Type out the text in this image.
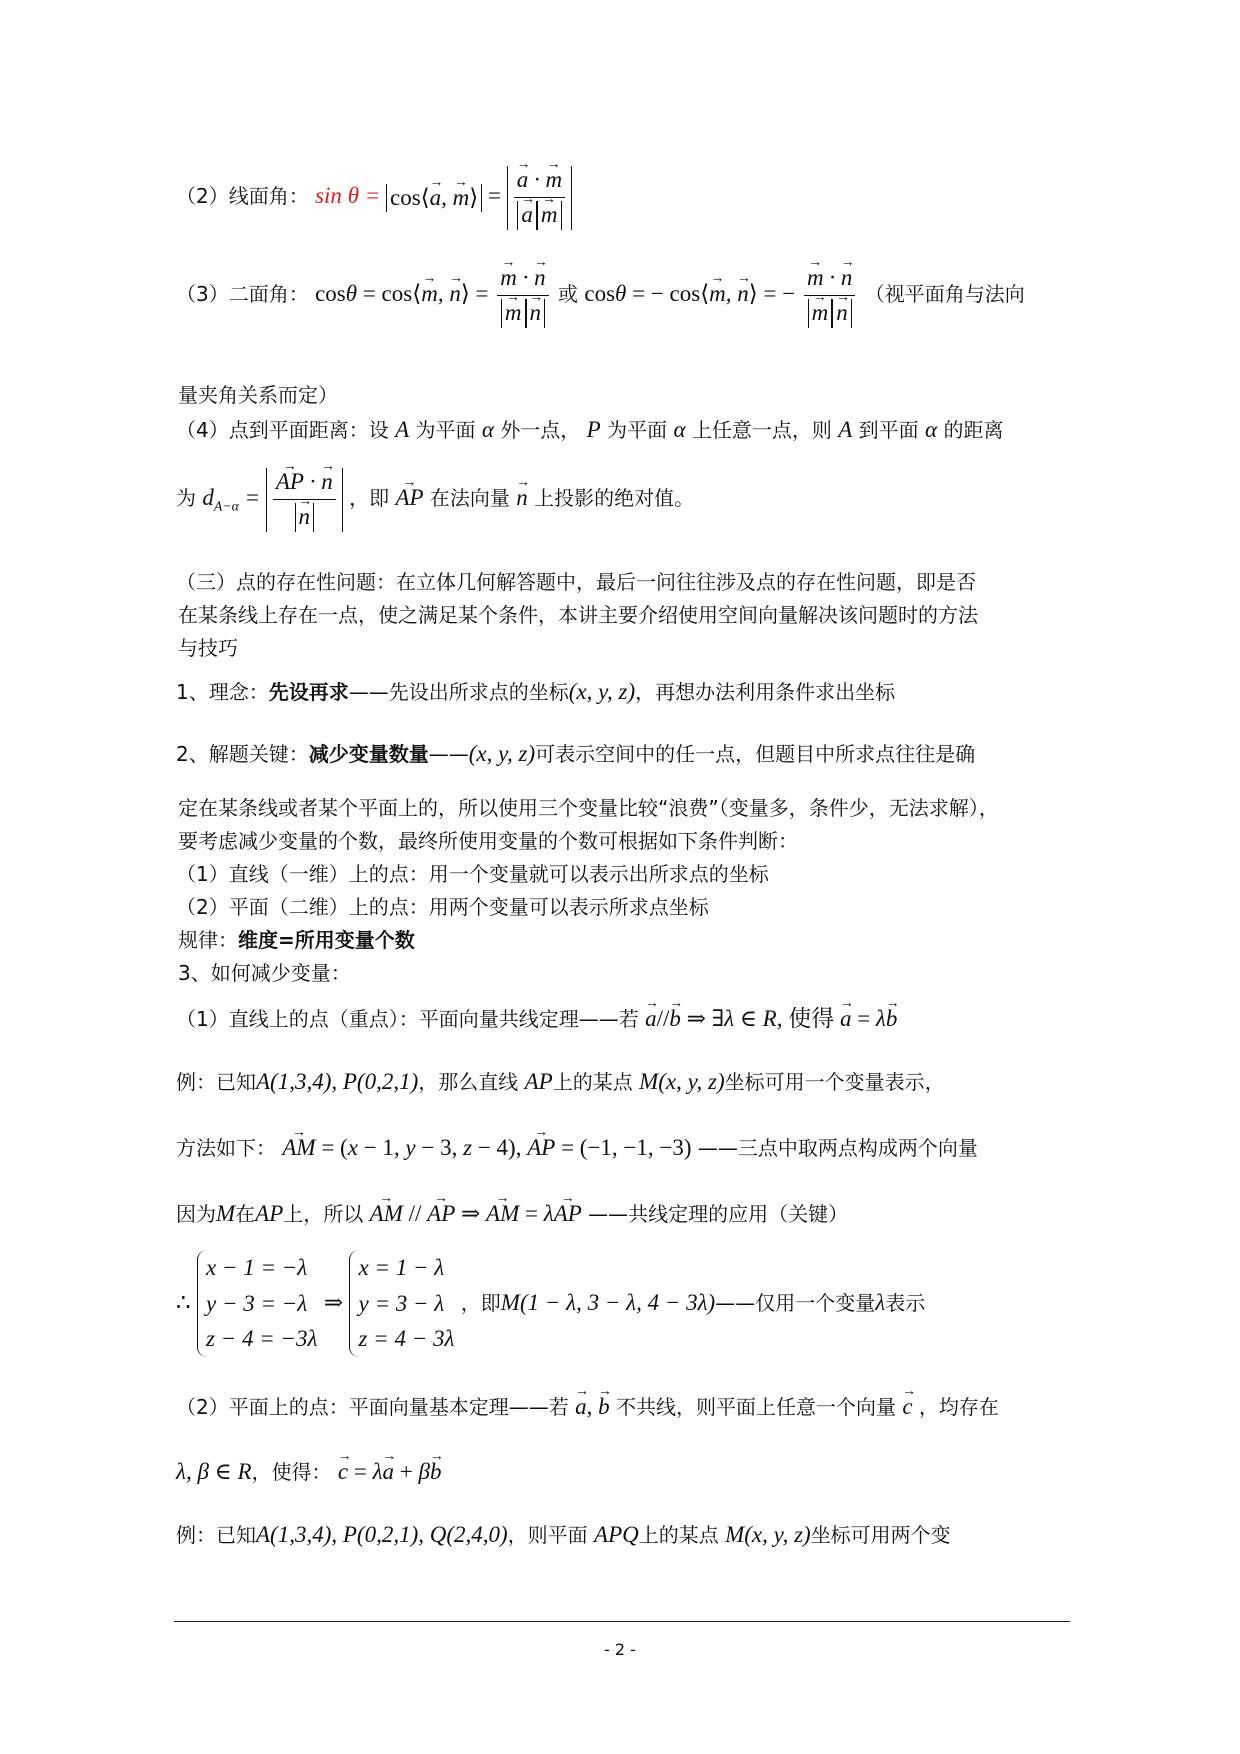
（2）线面角： sin θ = cos⟨→ a, → m⟩ = → a · → m
→ a → m
（3）二面角： cosθ = cos⟨→ m, → n⟩ = → m · → n
→ m → n 或 cosθ = − cos⟨→ m, → n⟩ = − → m · → n
→ m → n （视平面角与法向
量夹角关系而定）
（4）点到平面距离：设 A 为平面 α 外一点， P 为平面 α 上任意一点，则 A 到平面 α 的距离
为 $d_{A-\alpha}$ = → AP · → n
→ n ，即 → AP 在法向量 → n 上投影的绝对值。
（三）点的存在性问题：在立体几何解答题中，最后一问往往涉及点的存在性问题，即是否
在某条线上存在一点，使之满足某个条件，本讲主要介绍使用空间向量解决该问题时的方法
与技巧
1、理念：先设再求——先设出所求点的坐标(x, y, z)，再想办法利用条件求出坐标
2、解题关键：减少变量数量——(x, y, z)可表示空间中的任一点，但题目中所求点往往是确
定在某条线或者某个平面上的，所以使用三个变量比较“浪费”（变量多，条件少，无法求解），
要考虑减少变量的个数，最终所使用变量的个数可根据如下条件判断：
（1）直线（一维）上的点：用一个变量就可以表示出所求点的坐标
（2）平面（二维）上的点：用两个变量可以表示所求点坐标
规律：维度=所用变量个数
3、如何减少变量：
（1）直线上的点（重点）：平面向量共线定理——若 → a//→ b ⇒ ∃λ ∈ R, 使得 → a = λ→ b
例：已知A(1,3,4), P(0,2,1)，那么直线 AP上的某点 M(x, y, z)坐标可用一个变量表示，
方法如下： → AM = (x − 1, y − 3, z − 4), → AP = (−1, −1, −3) ——三点中取两点构成两个向量
因为M在AP上，所以 → AM // → AP ⇒ → AM = λ→ AP ——共线定理的应用（关键）
∴
x − 1 = −λ
y − 3 = −λ
z − 4 = −3λ
⇒
x = 1 − λ
y = 3 − λ
z = 4 − 3λ
，即M(1 − λ, 3 − λ, 4 − 3λ)——仅用一个变量λ表示
（2）平面上的点：平面向量基本定理——若 → a, → b 不共线，则平面上任意一个向量 → c ，均存在
λ, β ∈ R，使得： → c = λ→ a + β→ b
例：已知A(1,3,4), P(0,2,1), Q(2,4,0)，则平面 APQ上的某点 M(x, y, z)坐标可用两个变
- 2 -
